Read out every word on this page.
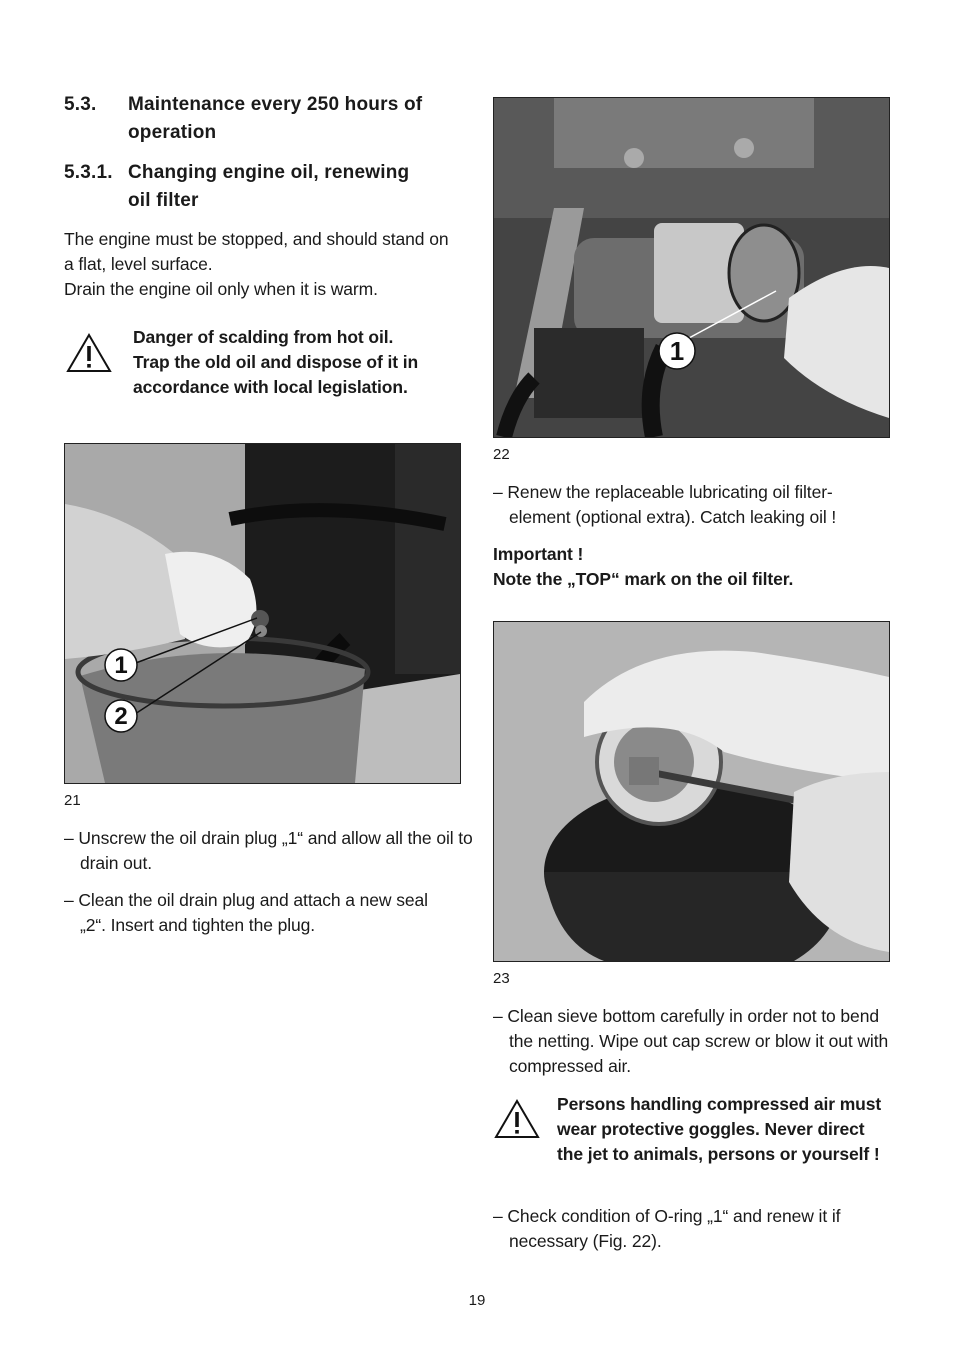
5.3. Maintenance every 250 hours of operation
5.3.1. Changing engine oil, renewing oil filter
The engine must be stopped, and should stand on a flat, level surface.
Drain the engine oil only when it is warm.
Danger of scalding from hot oil. Trap the old oil and dispose of it in accordance with local legislation.
1
2
21
– Unscrew the oil drain plug „1“ and allow all the oil to drain out.
– Clean the oil drain plug and attach a new seal „2“. Insert and tighten the plug.
1
22
– Renew the replaceable lubricating oil filter-element (optional extra). Catch leaking oil !
Important !
Note the „TOP“ mark on the oil filter.
23
– Clean sieve bottom carefully in order not to bend the netting. Wipe out cap screw or blow it out with compressed air.
Persons handling compressed air must wear protective goggles. Never direct the jet to animals, persons or yourself !
– Check condition of O-ring „1“ and renew it if necessary (Fig. 22).
19
